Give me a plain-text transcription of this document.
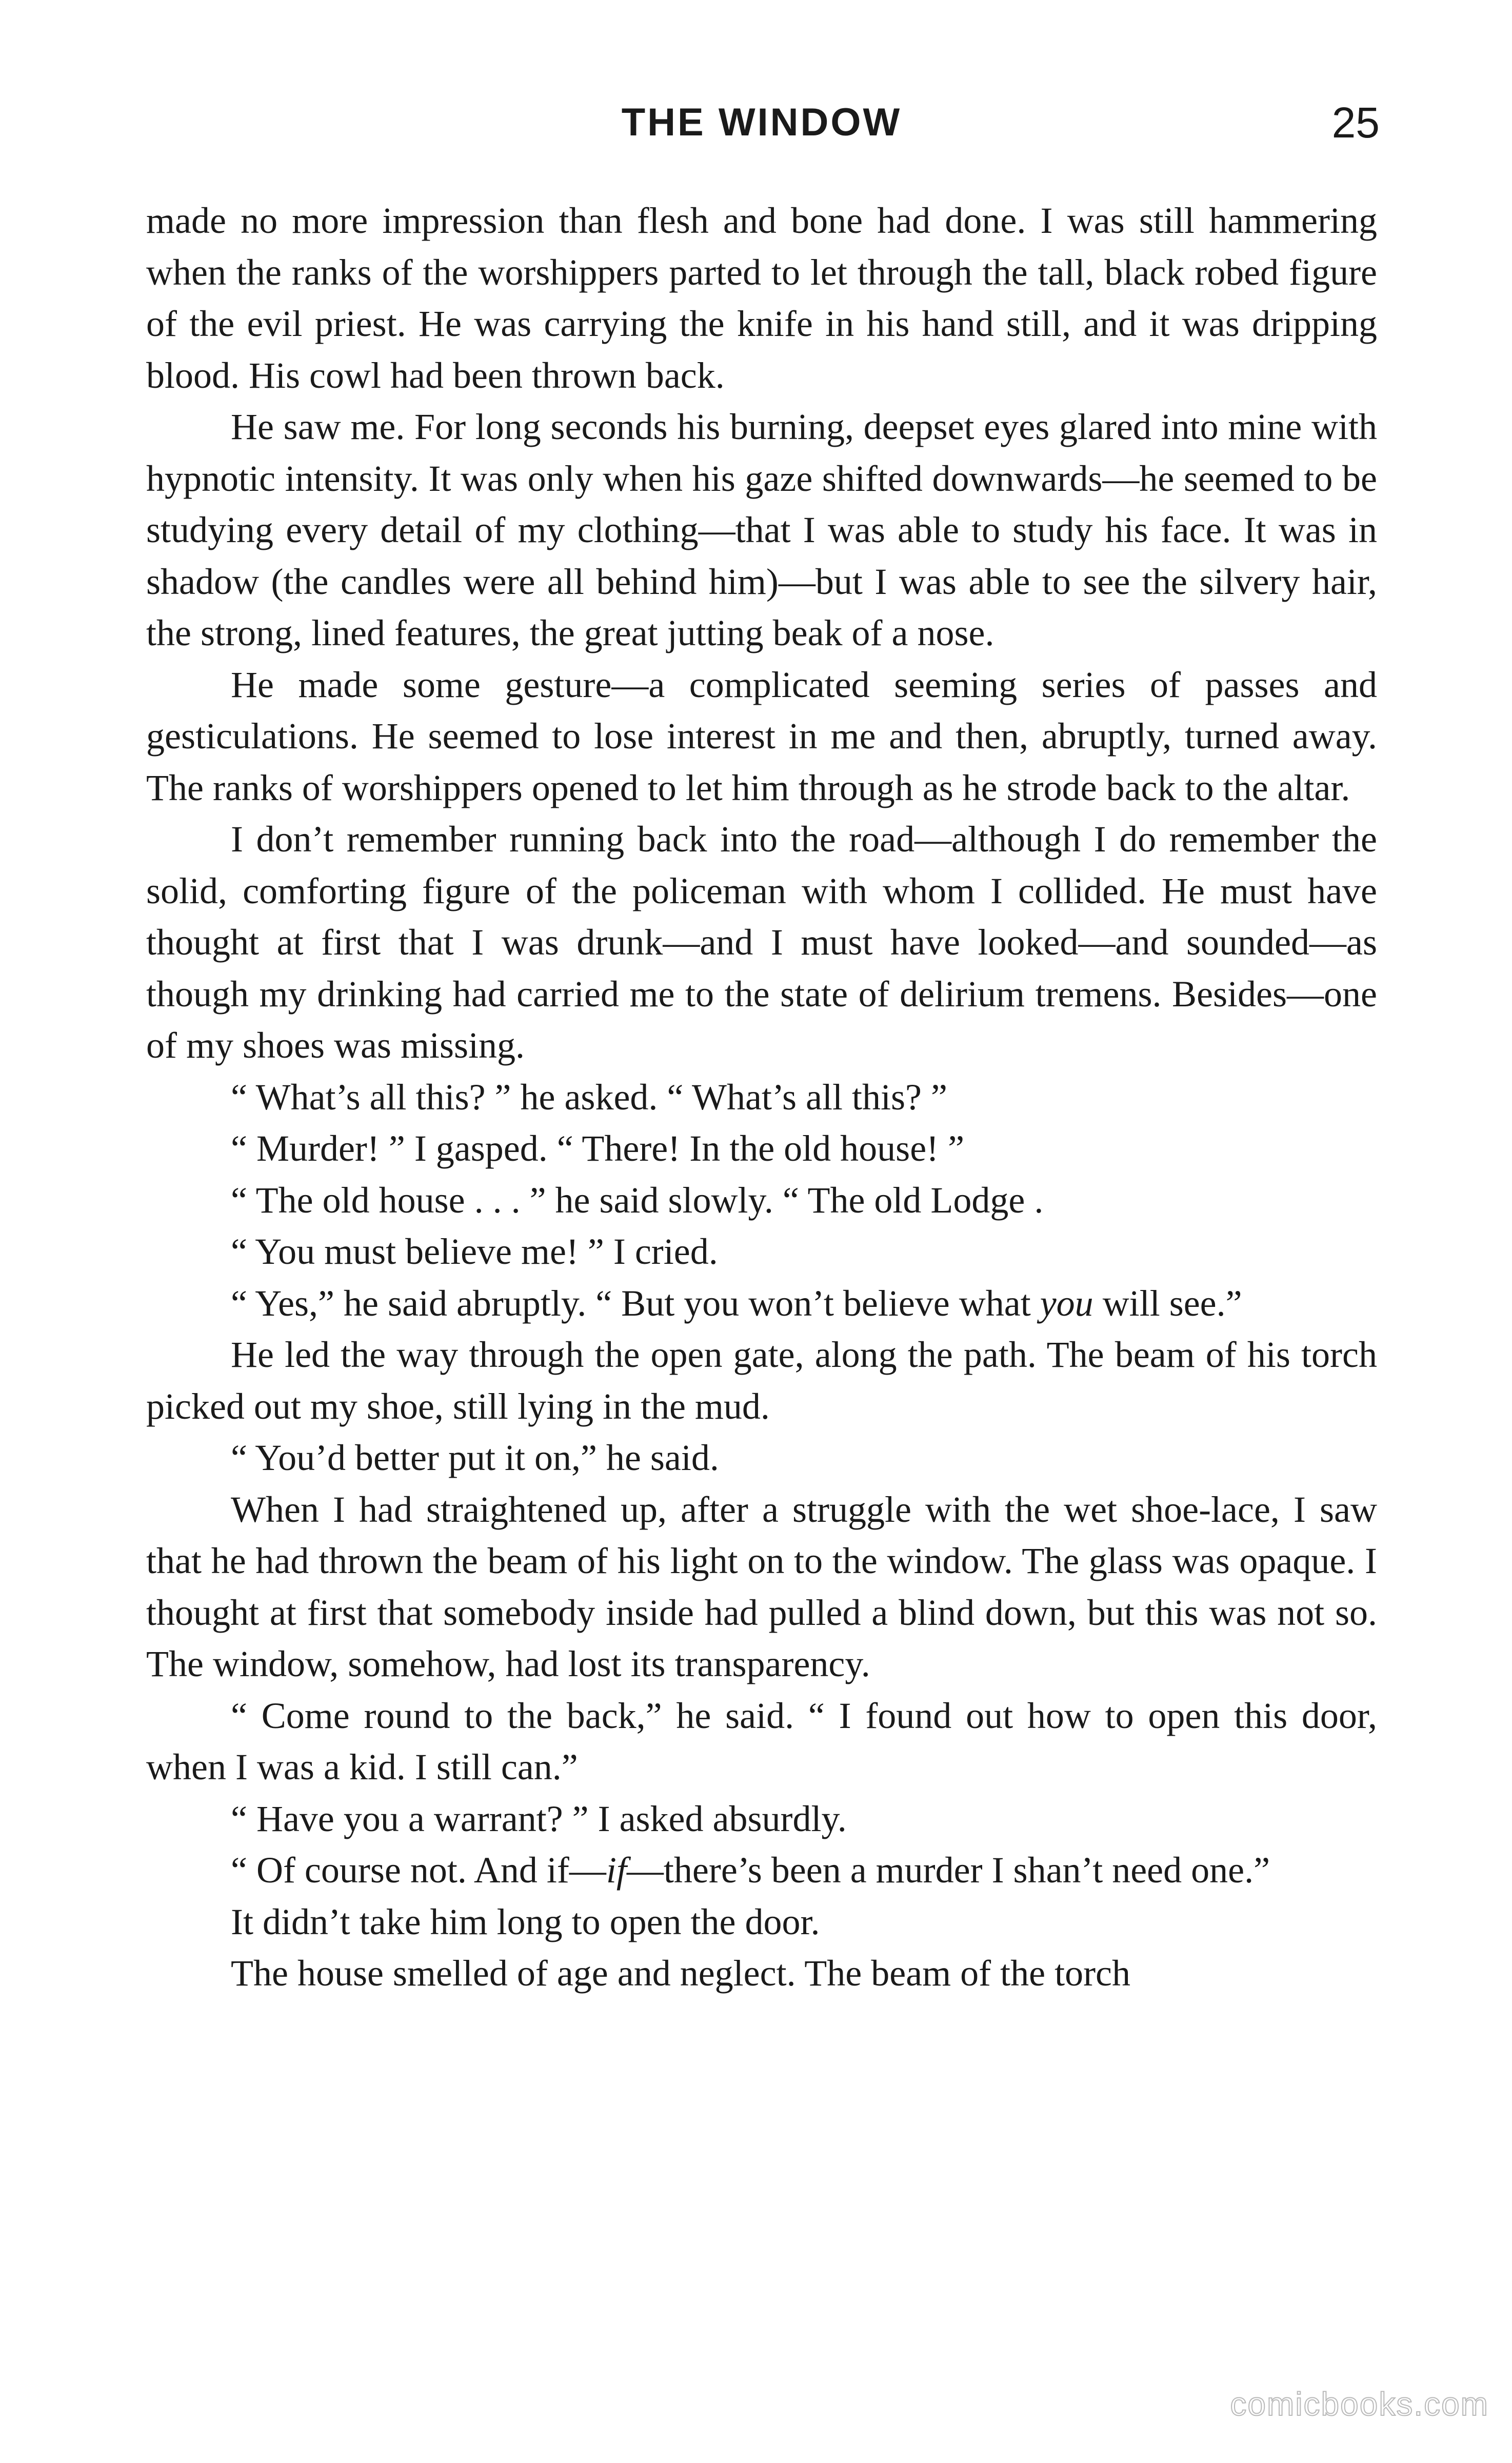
THE WINDOW	25

made no more impression than flesh and bone had done. I was still hammering when the ranks of the worshippers parted to let through the tall, black robed figure of the evil priest. He was carrying the knife in his hand still, and it was dripping blood. His cowl had been thrown back.

He saw me. For long seconds his burning, deepset eyes glared into mine with hypnotic intensity. It was only when his gaze shifted downwards—he seemed to be studying every detail of my clothing—that I was able to study his face. It was in shadow (the candles were all behind him)—but I was able to see the silvery hair, the strong, lined features, the great jutting beak of a nose.

He made some gesture—a complicated seeming series of passes and gesticulations. He seemed to lose interest in me and then, abruptly, turned away. The ranks of worshippers opened to let him through as he strode back to the altar.

I don’t remember running back into the road—although I do remember the solid, comforting figure of the policeman with whom I collided. He must have thought at first that I was drunk—and I must have looked—and sounded—as though my drinking had carried me to the state of delirium tremens. Besides—one of my shoes was missing.

“ What’s all this? ” he asked. “ What’s all this? ”

“ Murder! ” I gasped. “ There! In the old house! ”

“ The old house . . . ” he said slowly. “ The old Lodge .

“ You must believe me! ” I cried.

“ Yes,” he said abruptly. “ But you won’t believe what you will see.”

He led the way through the open gate, along the path. The beam of his torch picked out my shoe, still lying in the mud.

“ You’d better put it on,” he said.

When I had straightened up, after a struggle with the wet shoe-lace, I saw that he had thrown the beam of his light on to the window. The glass was opaque. I thought at first that somebody inside had pulled a blind down, but this was not so. The window, somehow, had lost its transparency.

“ Come round to the back,” he said. “ I found out how to open this door, when I was a kid. I still can.”

“ Have you a warrant? ” I asked absurdly.

“ Of course not. And if—if—there’s been a murder I shan’t need one.”

It didn’t take him long to open the door.

The house smelled of age and neglect. The beam of the torch

comicbooks.com
